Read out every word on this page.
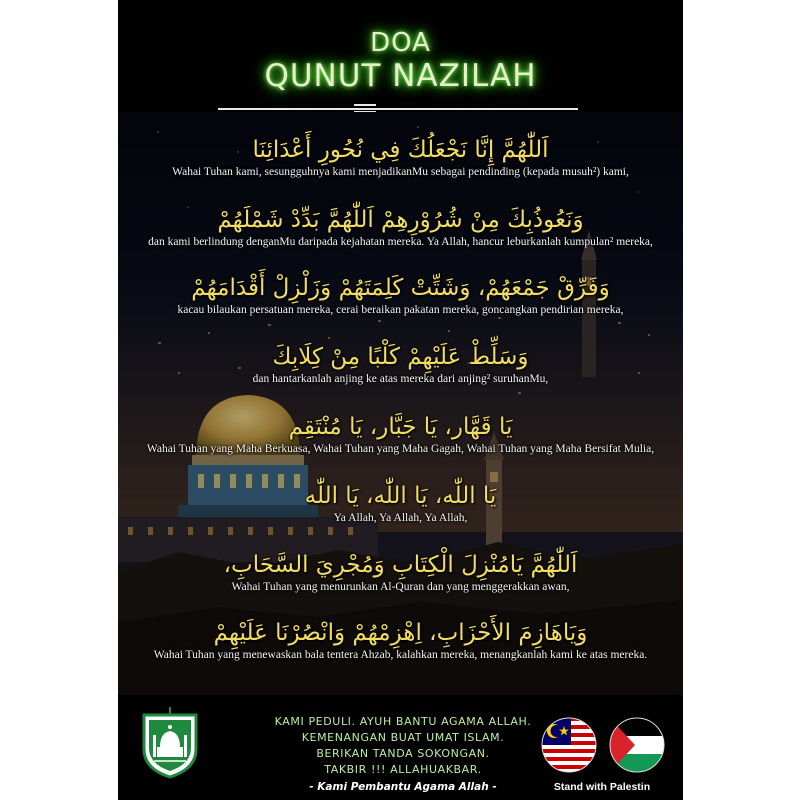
DOA
QUNUT NAZILAH
اَللّٰهُمَّ إِنَّا نَجْعَلُكَ فِي نُحُورِ أَعْدَائِنَا
Wahai Tuhan kami, sesungguhnya kami menjadikanMu sebagai pendinding (kepada musuh²) kami,
وَنَعُوذُبِكَ مِنْ شُرُوْرِهِمْ اَللّٰهُمَّ بَدِّدْ شَمْلَهُمْ
dan kami berlindung denganMu daripada kejahatan mereka. Ya Allah, hancur leburkanlah kumpulan² mereka,
وَفَرِّقْ جَمْعَهُمْ، وَشَتِّتْ كَلِمَتَهُمْ وَزَلْزِلْ أَقْدَامَهُمْ
kacau bilaukan persatuan mereka, cerai beraikan pakatan mereka, goncangkan pendirian mereka,
وَسَلِّطْ عَلَيْهِمْ كَلْبًا مِنْ كِلَابِكَ
dan hantarkanlah anjing ke atas mereka dari anjing² suruhanMu,
يَا قَهَّار، يَا جَبَّار، يَا مُنْتَقِم
Wahai Tuhan yang Maha Berkuasa, Wahai Tuhan yang Maha Gagah, Wahai Tuhan yang Maha Bersifat Mulia,
يَا اللّٰه، يَا اللّٰه، يَا اللّٰه
Ya Allah, Ya Allah, Ya Allah,
اَللّٰهُمَّ يَامُنْزِلَ الْكِتَابِ وَمُجْرِيَ السَّحَابِ،
Wahai Tuhan yang menurunkan Al-Quran dan yang menggerakkan awan,
وَيَاهَازِمَ الأَحْزَابِ، اِهْزِمْهُمْ وَانْصُرْنَا عَلَيْهِمْ
Wahai Tuhan yang menewaskan bala tentera Ahzab, kalahkan mereka, menangkanlah kami ke atas mereka.
KAMI PEDULI. AYUH BANTU AGAMA ALLAH.
KEMENANGAN BUAT UMAT ISLAM.
BERIKAN TANDA SOKONGAN.
TAKBIR !!! ALLAHUAKBAR.
- Kami Pembantu Agama Allah -	Stand with Palestin
